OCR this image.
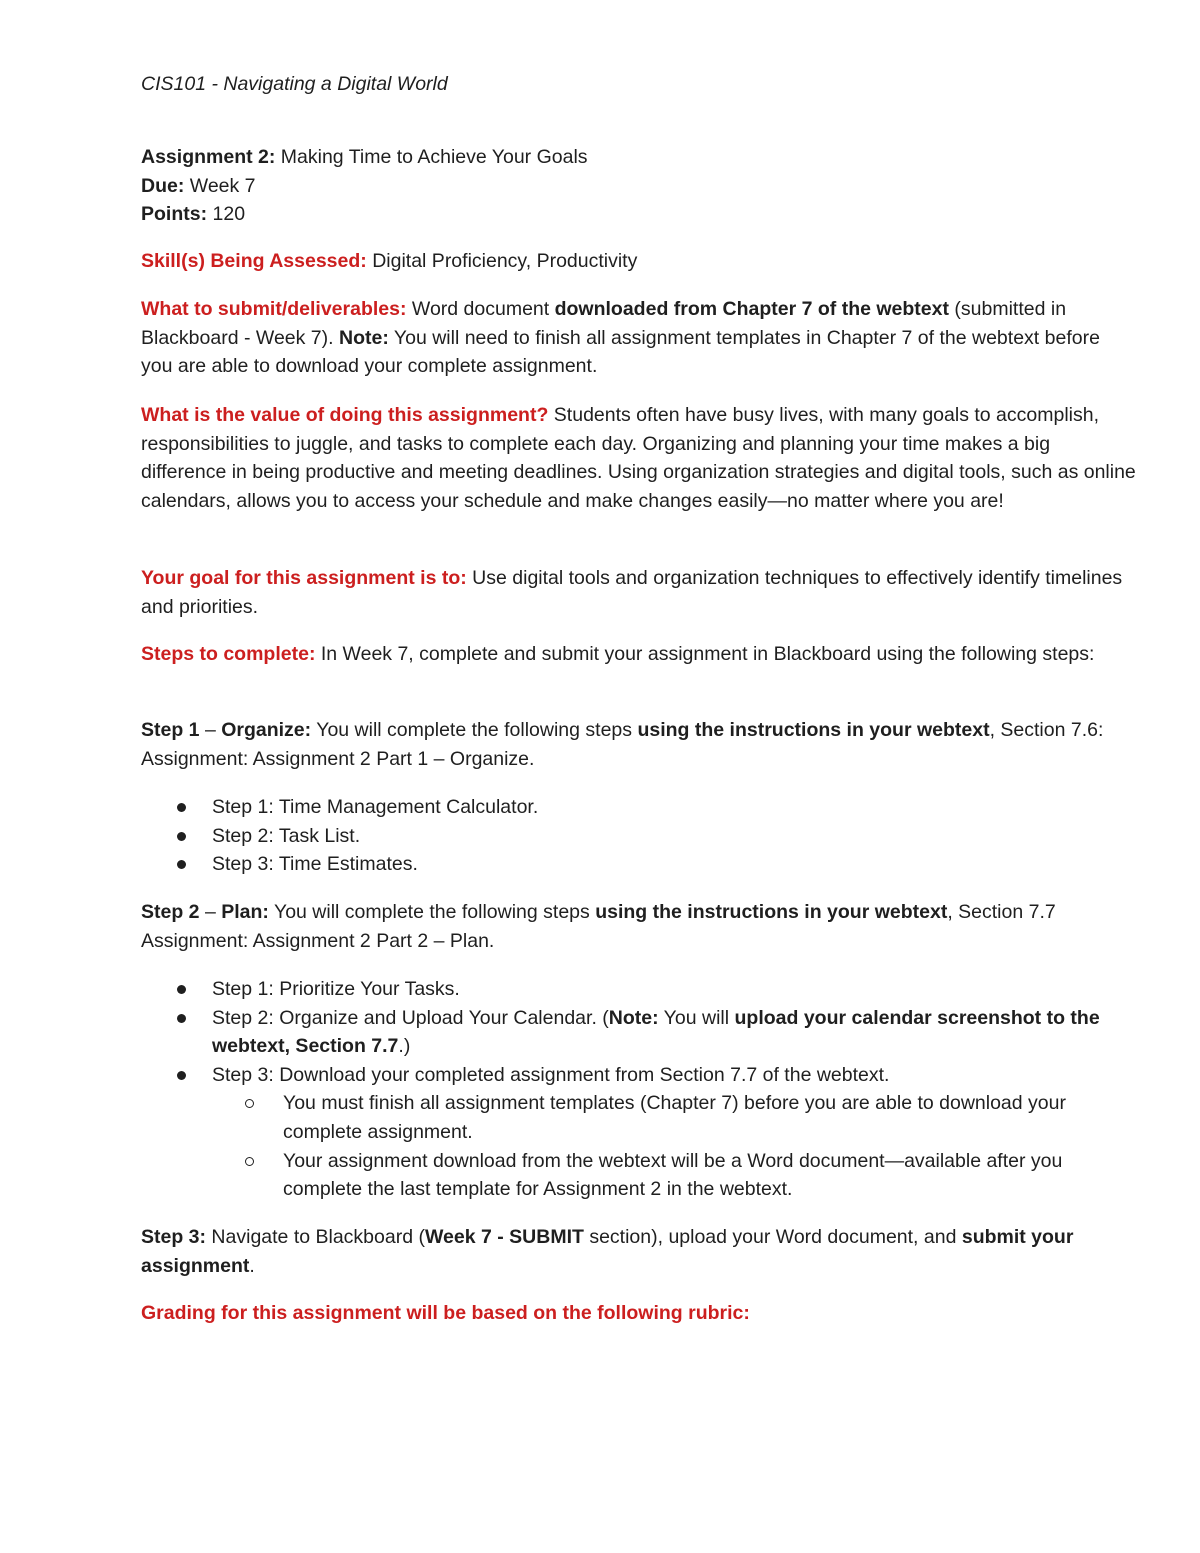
CIS101 - Navigating a Digital World
Assignment 2: Making Time to Achieve Your Goals
Due: Week 7
Points: 120
Skill(s) Being Assessed: Digital Proficiency, Productivity
What to submit/deliverables: Word document downloaded from Chapter 7 of the webtext (submitted in Blackboard - Week 7). Note: You will need to finish all assignment templates in Chapter 7 of the webtext before you are able to download your complete assignment.
What is the value of doing this assignment? Students often have busy lives, with many goals to accomplish, responsibilities to juggle, and tasks to complete each day. Organizing and planning your time makes a big difference in being productive and meeting deadlines. Using organization strategies and digital tools, such as online calendars, allows you to access your schedule and make changes easily—no matter where you are!
Your goal for this assignment is to: Use digital tools and organization techniques to effectively identify timelines and priorities.
Steps to complete: In Week 7, complete and submit your assignment in Blackboard using the following steps:
Step 1 – Organize: You will complete the following steps using the instructions in your webtext, Section 7.6: Assignment: Assignment 2 Part 1 – Organize.
Step 1: Time Management Calculator.
Step 2: Task List.
Step 3: Time Estimates.
Step 2 – Plan: You will complete the following steps using the instructions in your webtext, Section 7.7 Assignment: Assignment 2 Part 2 – Plan.
Step 1: Prioritize Your Tasks.
Step 2: Organize and Upload Your Calendar. (Note: You will upload your calendar screenshot to the webtext, Section 7.7.)
Step 3: Download your completed assignment from Section 7.7 of the webtext.
You must finish all assignment templates (Chapter 7) before you are able to download your complete assignment.
Your assignment download from the webtext will be a Word document—available after you complete the last template for Assignment 2 in the webtext.
Step 3: Navigate to Blackboard (Week 7 - SUBMIT section), upload your Word document, and submit your assignment.
Grading for this assignment will be based on the following rubric:
